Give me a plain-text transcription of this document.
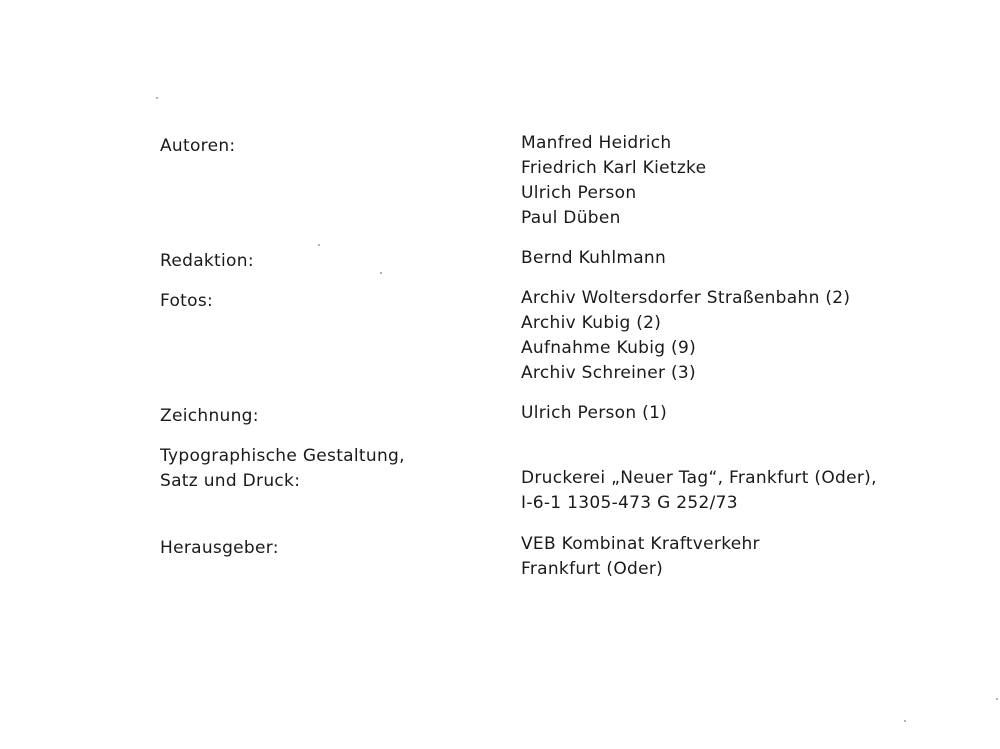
Autoren:	Manfred Heidrich
Friedrich Karl Kietzke
Ulrich Person
Paul Düben
Redaktion:	Bernd Kuhlmann
Fotos:	Archiv Woltersdorfer Straßenbahn (2)
Archiv Kubig (2)
Aufnahme Kubig (9)
Archiv Schreiner (3)
Zeichnung:	Ulrich Person (1)
Typographische Gestaltung,
Satz und Druck:	Druckerei „Neuer Tag“, Frankfurt (Oder),
I-6-1 1305-473 G 252/73
Herausgeber:	VEB Kombinat Kraftverkehr
Frankfurt (Oder)
